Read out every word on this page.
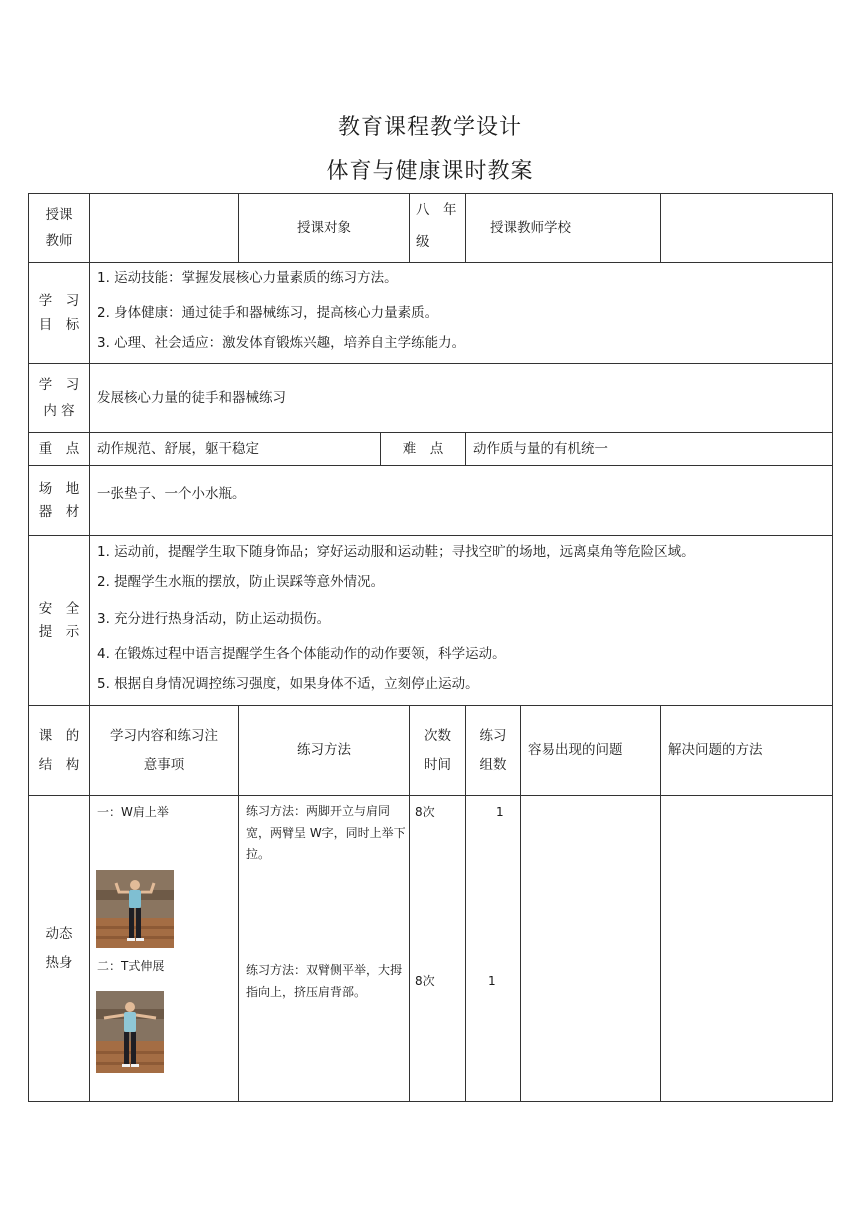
教育课程教学设计
体育与健康课时教案
授课
教师
授课对象
八　年
级
授课教师学校
学　习
目　标
1. 运动技能：掌握发展核心力量素质的练习方法。
2. 身体健康：通过徒手和器械练习，提高核心力量素质。
3. 心理、社会适应：激发体育锻炼兴趣，培养自主学练能力。
学　习
内 容
发展核心力量的徒手和器械练习
重　点 动作规范、舒展，躯干稳定	难　点 动作质与量的有机统一
场　地
器　材
一张垫子、一个小水瓶。
安　全
提　示
1. 运动前，提醒学生取下随身饰品；穿好运动服和运动鞋；寻找空旷的场地，远离桌角等危险区域。
2. 提醒学生水瓶的摆放，防止误踩等意外情况。
3. 充分进行热身活动，防止运动损伤。
4. 在锻炼过程中语言提醒学生各个体能动作的动作要领，科学运动。
5. 根据自身情况调控练习强度，如果身体不适，立刻停止运动。
课　的
结　构
学习内容和练习注
意事项
练习方法
次数
时间
练习
组数
容易出现的问题	解决问题的方法
动态
热身
一：W肩上举
二：T式伸展
练习方法：两脚开立与肩同宽，两臂呈 W字，同时上举下拉。
练习方法：双臂侧平举，大拇指向上，挤压肩背部。
8次
8次
1
1
